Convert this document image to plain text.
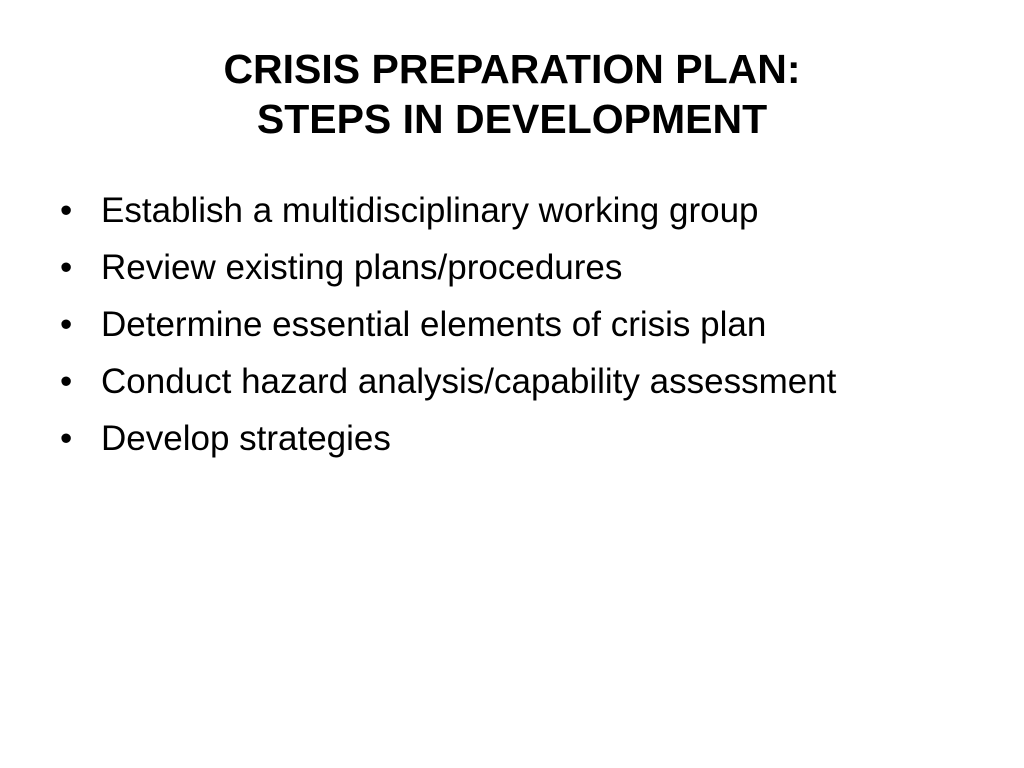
CRISIS PREPARATION PLAN:
STEPS IN DEVELOPMENT
• Establish a multidisciplinary working group
• Review existing plans/procedures
• Determine essential elements of crisis plan
• Conduct hazard analysis/capability assessment
• Develop strategies
